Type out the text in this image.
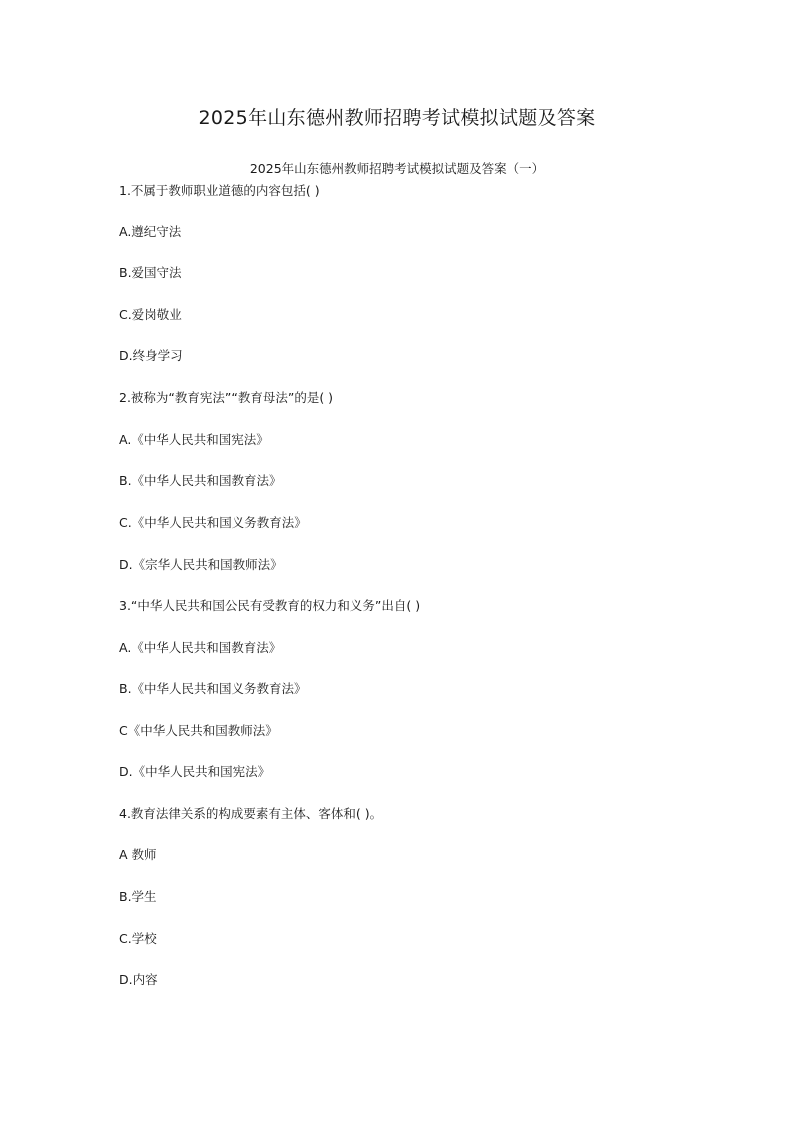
2025年山东德州教师招聘考试模拟试题及答案
2025年山东德州教师招聘考试模拟试题及答案（一）
1.不属于教师职业道德的内容包括( )
A.遵纪守法
B.爱国守法
C.爱岗敬业
D.终身学习
2.被称为“教育宪法”“教育母法”的是( )
A.《中华人民共和国宪法》
B.《中华人民共和国教育法》
C.《中华人民共和国义务教育法》
D.《宗华人民共和国教师法》
3.“中华人民共和国公民有受教育的权力和义务”出自( )
A.《中华人民共和国教育法》
B.《中华人民共和国义务教育法》
C《中华人民共和国教师法》
D.《中华人民共和国宪法》
4.教育法律关系的构成要素有主体、客体和( )。
A 教师
B.学生
C.学校
D.内容
